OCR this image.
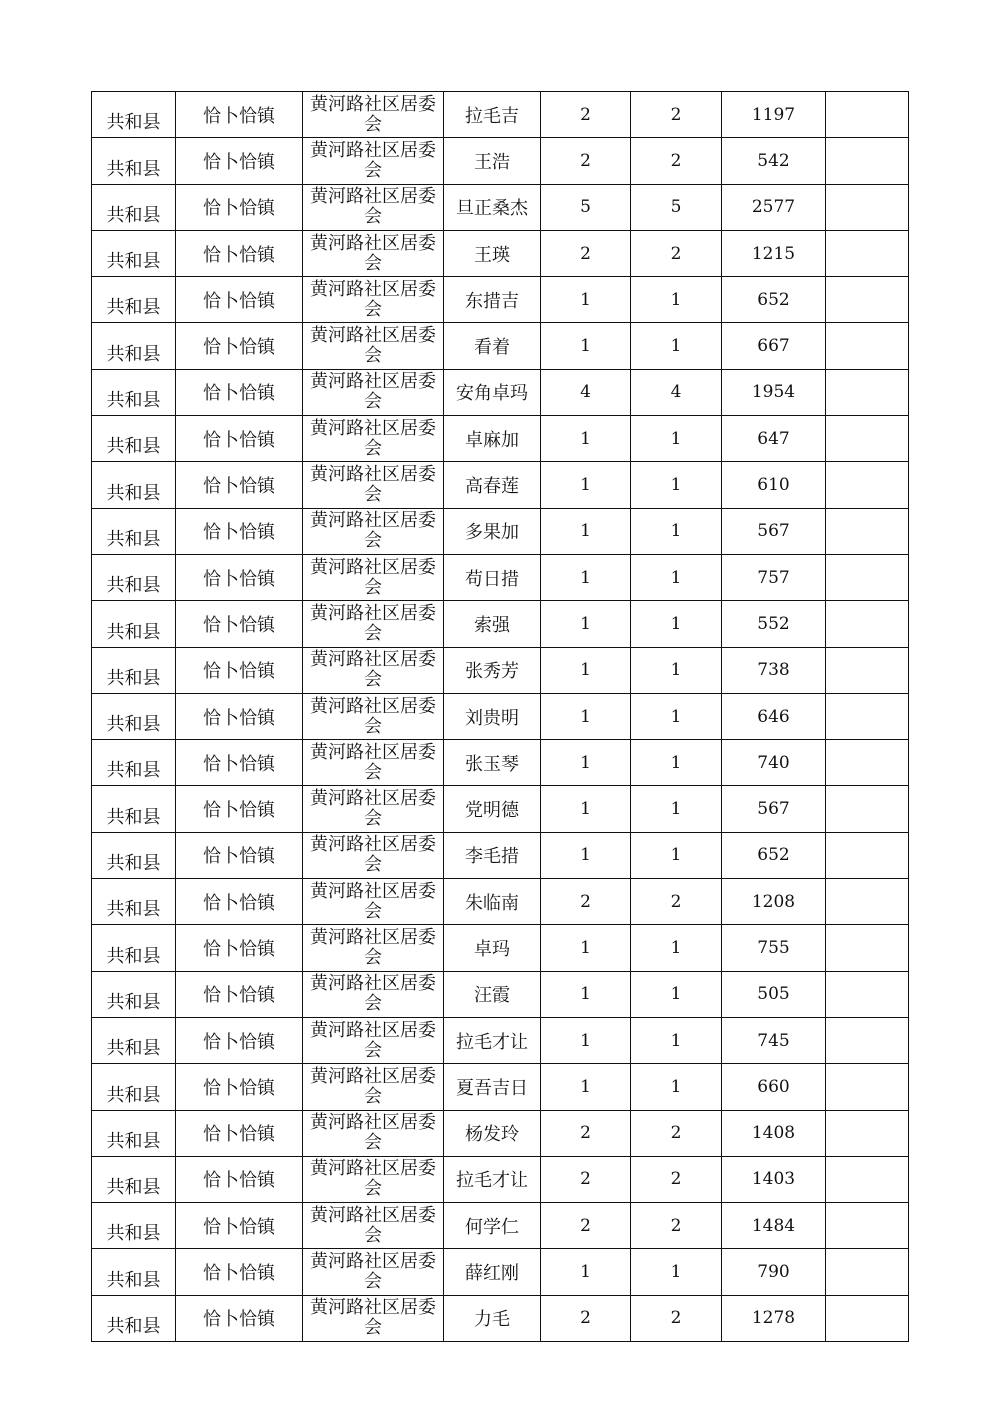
共和县	恰卜恰镇	黄河路社区居委会	拉毛吉	2	2	1197	
共和县	恰卜恰镇	黄河路社区居委会	王浩	2	2	542	
共和县	恰卜恰镇	黄河路社区居委会	旦正桑杰	5	5	2577	
共和县	恰卜恰镇	黄河路社区居委会	王瑛	2	2	1215	
共和县	恰卜恰镇	黄河路社区居委会	东措吉	1	1	652	
共和县	恰卜恰镇	黄河路社区居委会	看着	1	1	667	
共和县	恰卜恰镇	黄河路社区居委会	安角卓玛	4	4	1954	
共和县	恰卜恰镇	黄河路社区居委会	卓麻加	1	1	647	
共和县	恰卜恰镇	黄河路社区居委会	高春莲	1	1	610	
共和县	恰卜恰镇	黄河路社区居委会	多果加	1	1	567	
共和县	恰卜恰镇	黄河路社区居委会	苟日措	1	1	757	
共和县	恰卜恰镇	黄河路社区居委会	索强	1	1	552	
共和县	恰卜恰镇	黄河路社区居委会	张秀芳	1	1	738	
共和县	恰卜恰镇	黄河路社区居委会	刘贵明	1	1	646	
共和县	恰卜恰镇	黄河路社区居委会	张玉琴	1	1	740	
共和县	恰卜恰镇	黄河路社区居委会	党明德	1	1	567	
共和县	恰卜恰镇	黄河路社区居委会	李毛措	1	1	652	
共和县	恰卜恰镇	黄河路社区居委会	朱临南	2	2	1208	
共和县	恰卜恰镇	黄河路社区居委会	卓玛	1	1	755	
共和县	恰卜恰镇	黄河路社区居委会	汪霞	1	1	505	
共和县	恰卜恰镇	黄河路社区居委会	拉毛才让	1	1	745	
共和县	恰卜恰镇	黄河路社区居委会	夏吾吉日	1	1	660	
共和县	恰卜恰镇	黄河路社区居委会	杨发玲	2	2	1408	
共和县	恰卜恰镇	黄河路社区居委会	拉毛才让	2	2	1403	
共和县	恰卜恰镇	黄河路社区居委会	何学仁	2	2	1484	
共和县	恰卜恰镇	黄河路社区居委会	薛红刚	1	1	790	
共和县	恰卜恰镇	黄河路社区居委会	力毛	2	2	1278	
